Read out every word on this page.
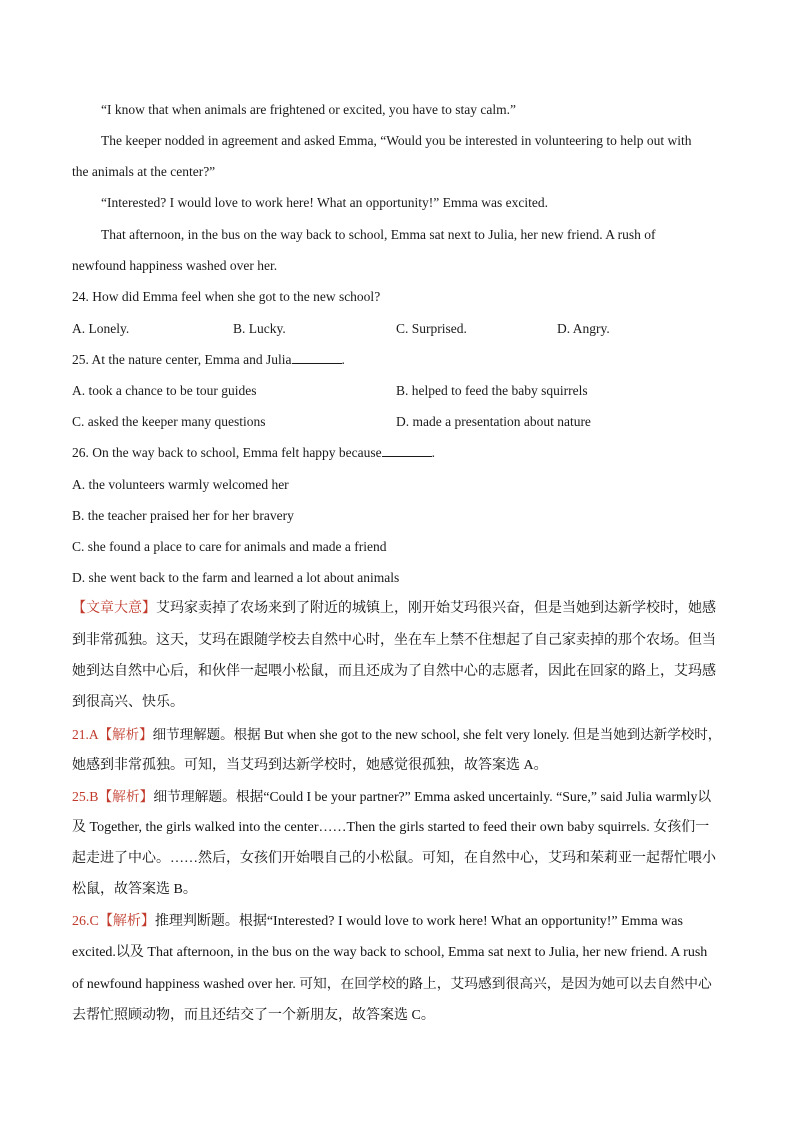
“I know that when animals are frightened or excited, you have to stay calm.”
The keeper nodded in agreement and asked Emma, “Would you be interested in volunteering to help out with
the animals at the center?”
“Interested? I would love to work here! What an opportunity!” Emma was excited.
That afternoon, in the bus on the way back to school, Emma sat next to Julia, her new friend. A rush of
newfound happiness washed over her.
24. How did Emma feel when she got to the new school?
A. Lonely.	B. Lucky.	C. Surprised.	D. Angry.
25. At the nature center, Emma and Julia	.
A. took a chance to be tour guides	B. helped to feed the baby squirrels
C. asked the keeper many questions	D. made a presentation about nature
26. On the way back to school, Emma felt happy because	.
A. the volunteers warmly welcomed her
B. the teacher praised her for her bravery
C. she found a place to care for animals and made a friend
D. she went back to the farm and learned a lot about animals
【文章大意】艾玛家卖掉了农场来到了附近的城镇上，刚开始艾玛很兴奋，但是当她到达新学校时，她感
到非常孤独。这天，艾玛在跟随学校去自然中心时，坐在车上禁不住想起了自己家卖掉的那个农场。但当
她到达自然中心后，和伙伴一起喂小松鼠，而且还成为了自然中心的志愿者，因此在回家的路上，艾玛感
到很高兴、快乐。
21.A【解析】细节理解题。根据 But when she got to the new school, she felt very lonely. 但是当她到达新学校时，
她感到非常孤独。可知，当艾玛到达新学校时，她感觉很孤独，故答案选 A。
25.B【解析】细节理解题。根据“Could I be your partner?” Emma asked uncertainly. “Sure,” said Julia warmly以
及 Together, the girls walked into the center……Then the girls started to feed their own baby squirrels. 女孩们一
起走进了中心。……然后，女孩们开始喂自己的小松鼠。可知，在自然中心，艾玛和茱莉亚一起帮忙喂小
松鼠，故答案选 B。
26.C【解析】推理判断题。根据“Interested? I would love to work here! What an opportunity!” Emma was
excited.以及 That afternoon, in the bus on the way back to school, Emma sat next to Julia, her new friend. A rush
of newfound happiness washed over her. 可知，在回学校的路上，艾玛感到很高兴，是因为她可以去自然中心
去帮忙照顾动物，而且还结交了一个新朋友，故答案选 C。
